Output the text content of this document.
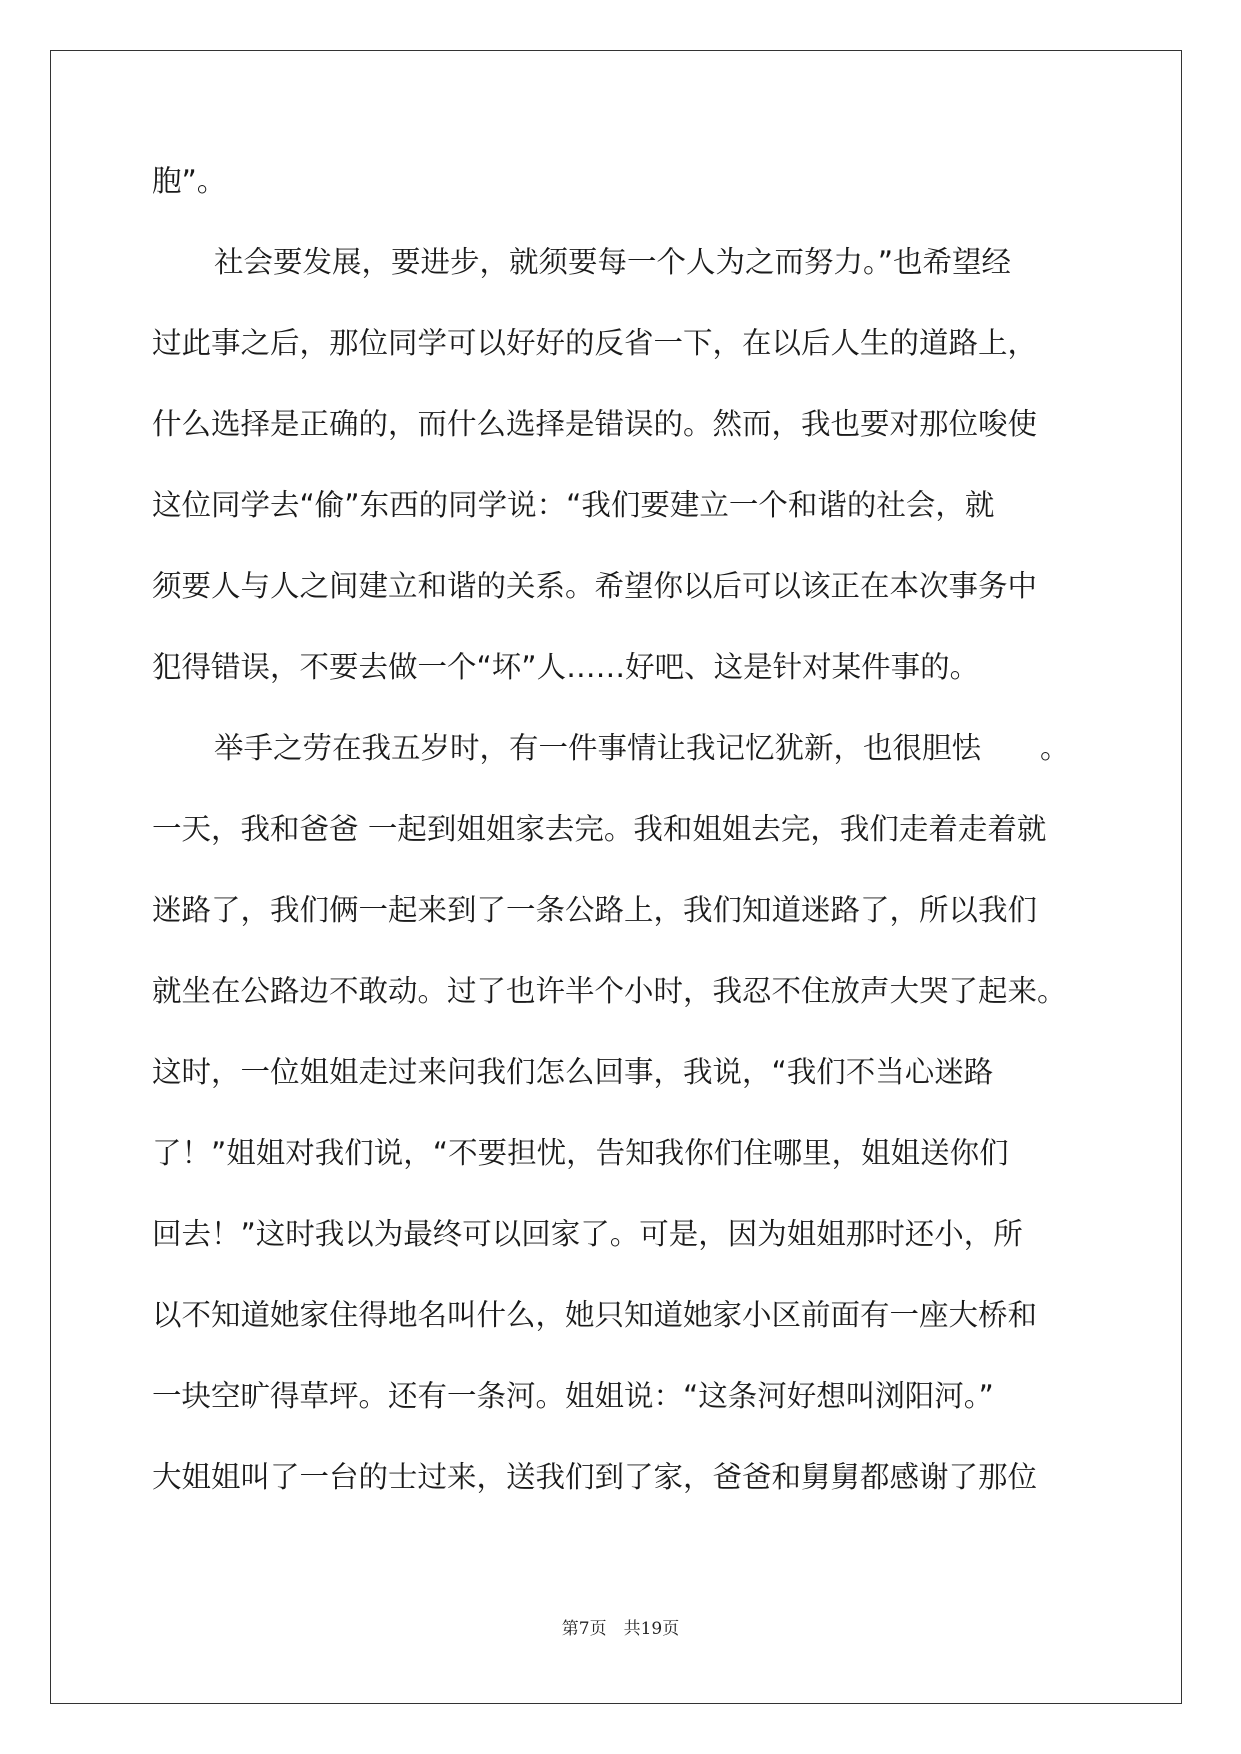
胞”。
社会要发展，要进步，就须要每一个人为之而努力。”也希望经
过此事之后，那位同学可以好好的反省一下，在以后人生的道路上，
什么选择是正确的，而什么选择是错误的。然而，我也要对那位唆使
这位同学去“偷”东西的同学说：“我们要建立一个和谐的社会，就
须要人与人之间建立和谐的关系。希望你以后可以该正在本次事务中
犯得错误，不要去做一个“坏”人……好吧、这是针对某件事的。
举手之劳在我五岁时，有一件事情让我记忆犹新，也很胆怯　　。
一天，我和爸爸 一起到姐姐家去完。我和姐姐去完，我们走着走着就
迷路了，我们俩一起来到了一条公路上，我们知道迷路了，所以我们
就坐在公路边不敢动。过了也许半个小时，我忍不住放声大哭了起来。
这时，一位姐姐走过来问我们怎么回事，我说，“我们不当心迷路
了！”姐姐对我们说，“不要担忧，告知我你们住哪里，姐姐送你们
回去！”这时我以为最终可以回家了。可是，因为姐姐那时还小，所
以不知道她家住得地名叫什么，她只知道她家小区前面有一座大桥和
一块空旷得草坪。还有一条河。姐姐说：“这条河好想叫浏阳河。”
大姐姐叫了一台的士过来，送我们到了家，爸爸和舅舅都感谢了那位
第7页　共19页
